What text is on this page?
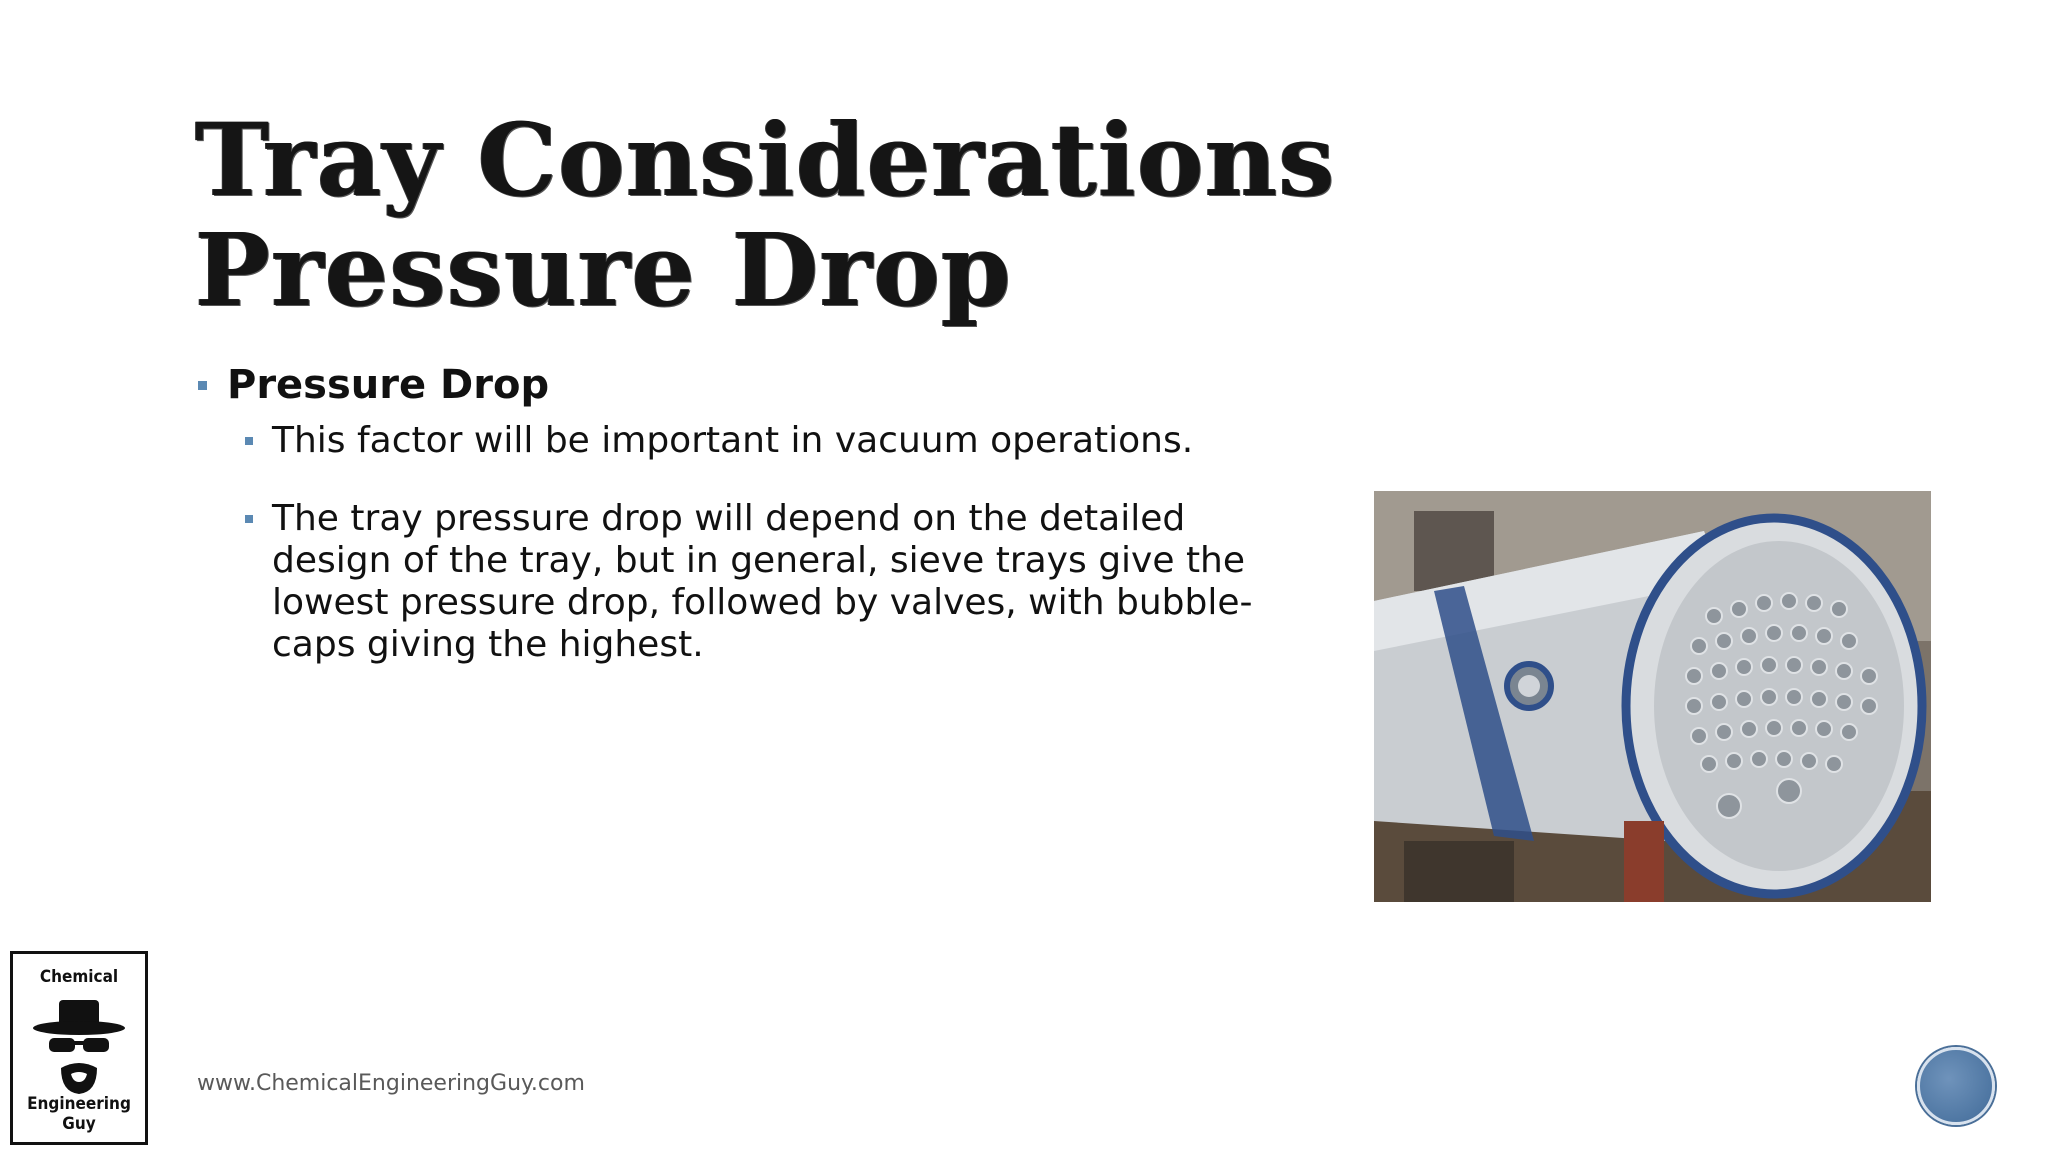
Tray Considerations
Pressure Drop

Pressure Drop

This factor will be important in vacuum operations.

The tray pressure drop will depend on the detailed design of the tray, but in general, sieve trays give the lowest pressure drop, followed by valves, with bubble-caps giving the highest.

Chemical
Engineering Guy
www.ChemicalEngineeringGuy.com
